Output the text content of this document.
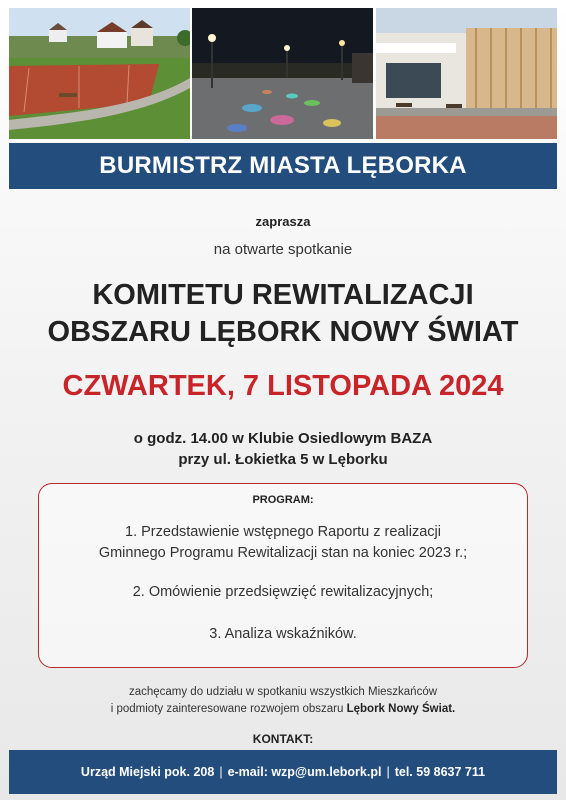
BURMISTRZ MIASTA LĘBORKA
zaprasza
na otwarte spotkanie
KOMITETU REWITALIZACJI
OBSZARU LĘBORK NOWY ŚWIAT
CZWARTEK, 7 LISTOPADA 2024
o godz. 14.00 w Klubie Osiedlowym BAZA
przy ul. Łokietka 5 w Lęborku
PROGRAM:
1. Przedstawienie wstępnego Raportu z realizacji
Gminnego Programu Rewitalizacji stan na koniec 2023 r.;
2. Omówienie przedsięwzięć rewitalizacyjnych;
3. Analiza wskaźników.
zachęcamy do udziału w spotkaniu wszystkich Mieszkańców
i podmioty zainteresowane rozwojem obszaru Lębork Nowy Świat.
KONTAKT:
Urząd Miejski pok. 208 | e-mail: wzp@um.lebork.pl | tel. 59 8637 711
